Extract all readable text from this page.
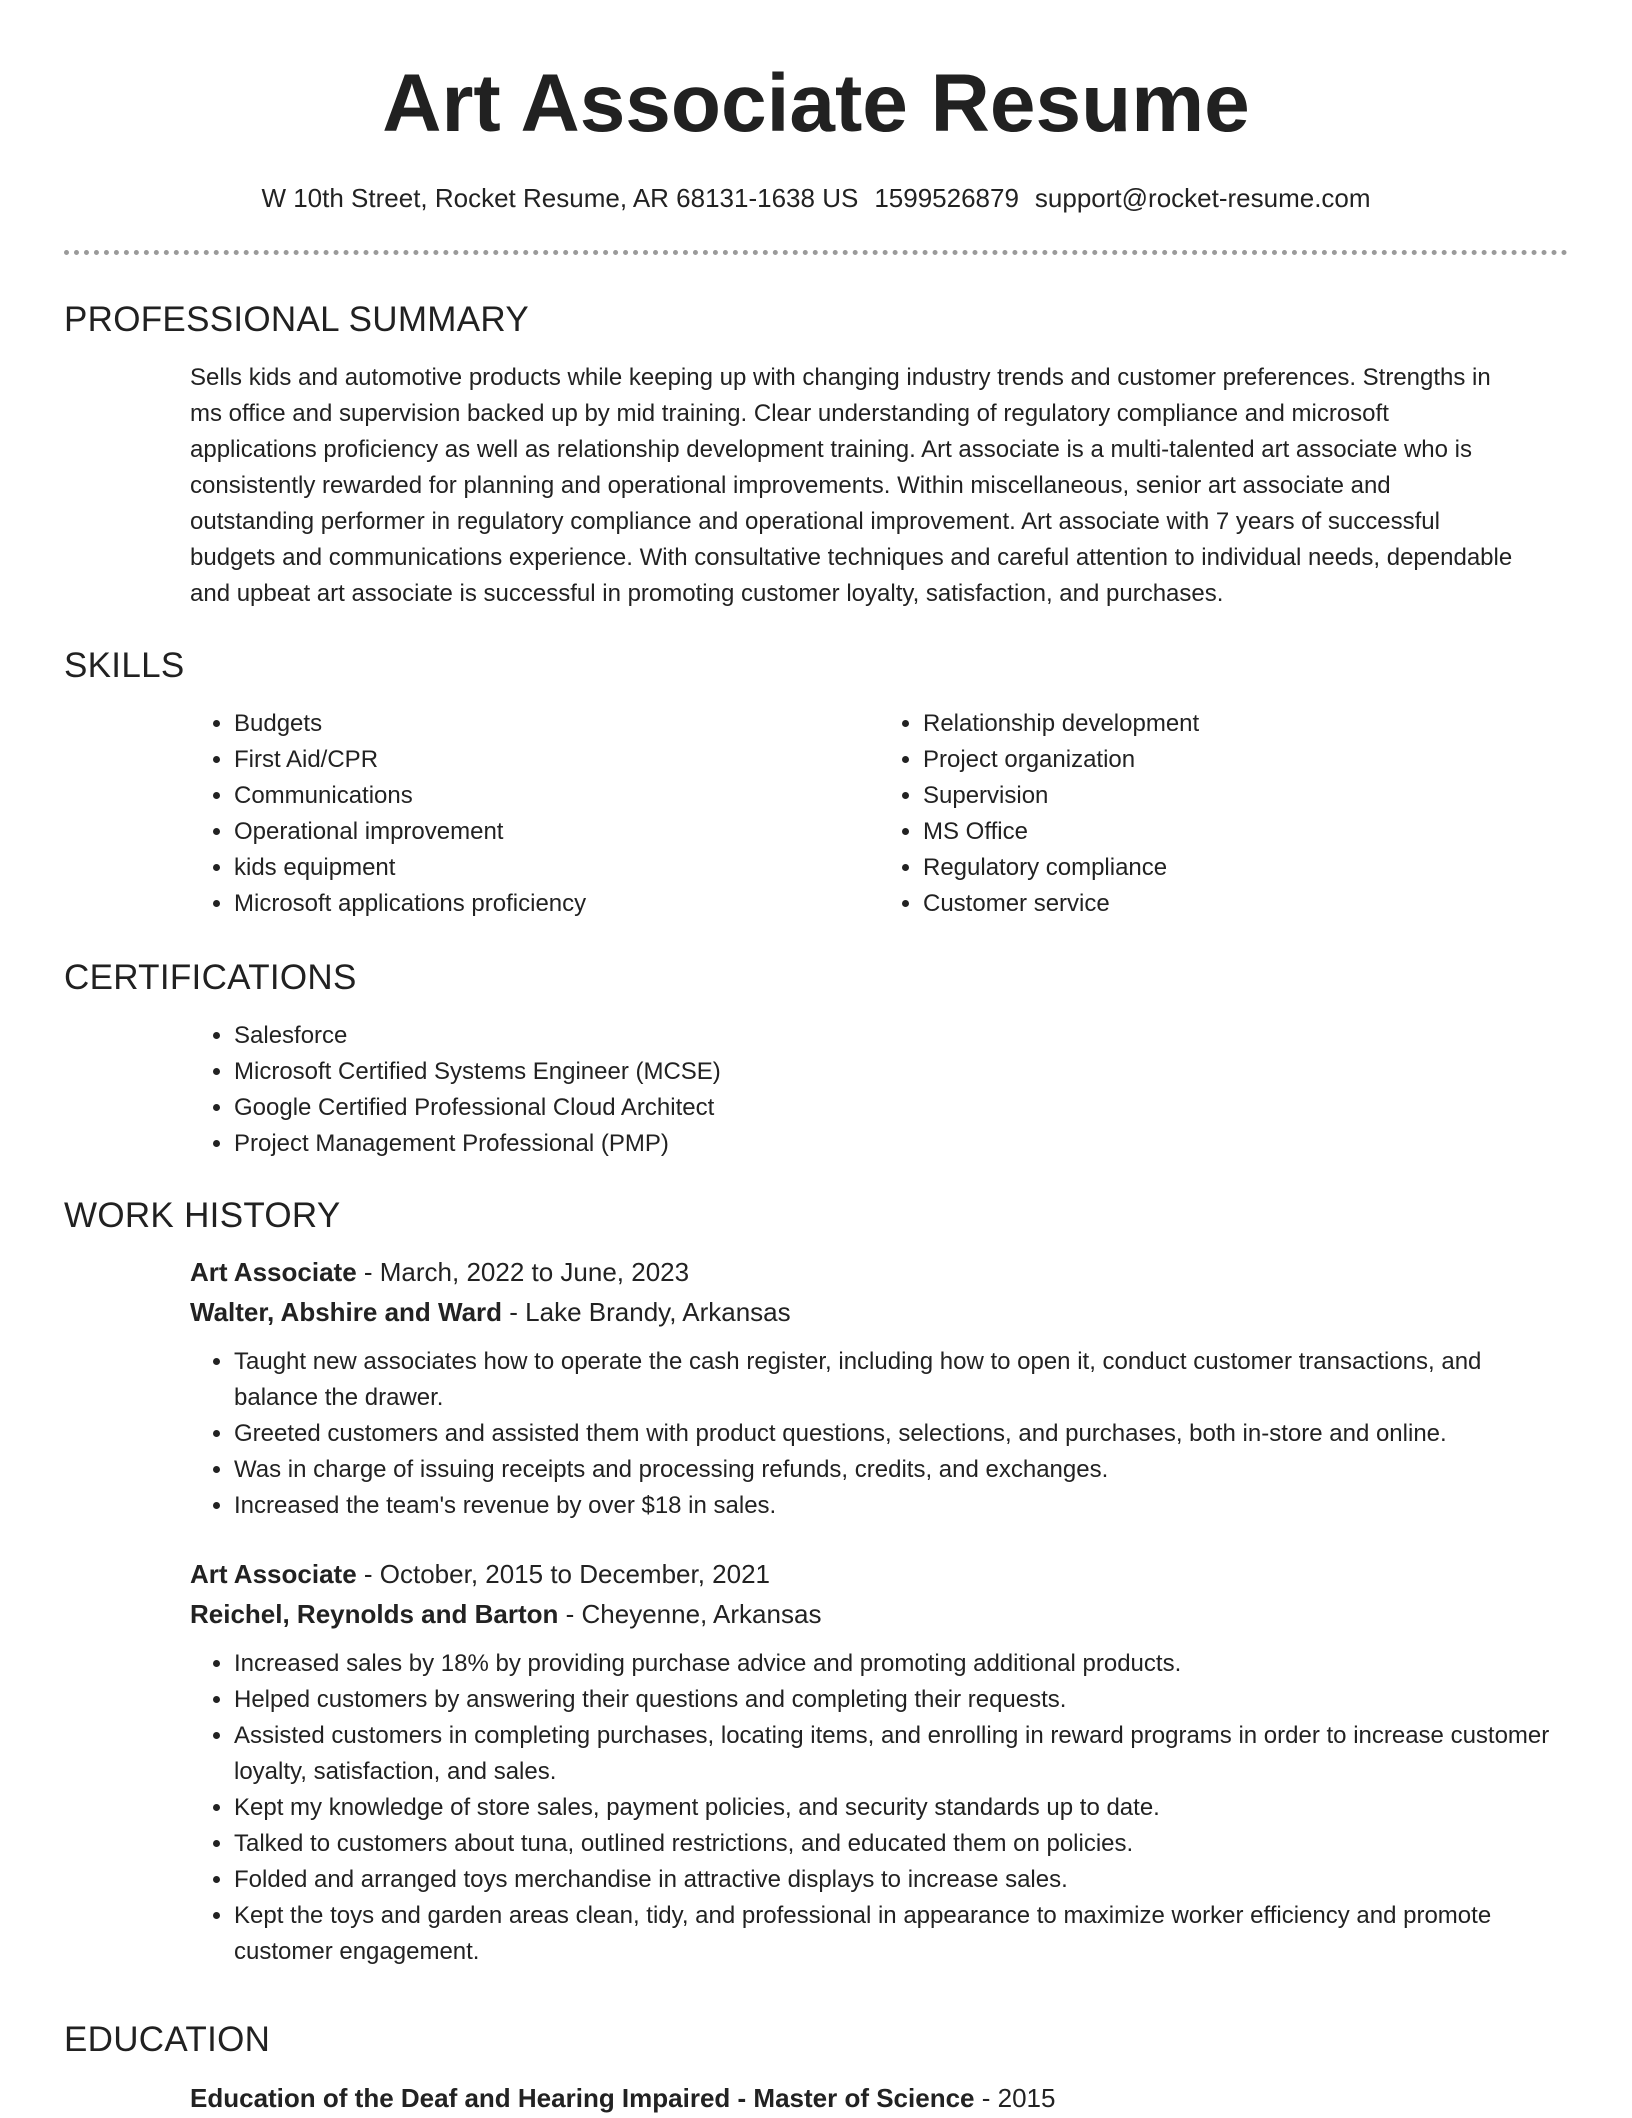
Art Associate Resume
W 10th Street, Rocket Resume, AR 68131-1638 US 1599526879 support@rocket-resume.com
PROFESSIONAL SUMMARY
Sells kids and automotive products while keeping up with changing industry trends and customer preferences. Strengths in
ms office and supervision backed up by mid training. Clear understanding of regulatory compliance and microsoft
applications proficiency as well as relationship development training. Art associate is a multi-talented art associate who is
consistently rewarded for planning and operational improvements. Within miscellaneous, senior art associate and
outstanding performer in regulatory compliance and operational improvement. Art associate with 7 years of successful
budgets and communications experience. With consultative techniques and careful attention to individual needs, dependable
and upbeat art associate is successful in promoting customer loyalty, satisfaction, and purchases.
SKILLS
• Budgets
• First Aid/CPR
• Communications
• Operational improvement
• kids equipment
• Microsoft applications proficiency
• Relationship development
• Project organization
• Supervision
• MS Office
• Regulatory compliance
• Customer service
CERTIFICATIONS
• Salesforce
• Microsoft Certified Systems Engineer (MCSE)
• Google Certified Professional Cloud Architect
• Project Management Professional (PMP)
WORK HISTORY
Art Associate - March, 2022 to June, 2023
Walter, Abshire and Ward - Lake Brandy, Arkansas
• Taught new associates how to operate the cash register, including how to open it, conduct customer transactions, and balance the drawer.
• Greeted customers and assisted them with product questions, selections, and purchases, both in-store and online.
• Was in charge of issuing receipts and processing refunds, credits, and exchanges.
• Increased the team's revenue by over $18 in sales.
Art Associate - October, 2015 to December, 2021
Reichel, Reynolds and Barton - Cheyenne, Arkansas
• Increased sales by 18% by providing purchase advice and promoting additional products.
• Helped customers by answering their questions and completing their requests.
• Assisted customers in completing purchases, locating items, and enrolling in reward programs in order to increase customer loyalty, satisfaction, and sales.
• Kept my knowledge of store sales, payment policies, and security standards up to date.
• Talked to customers about tuna, outlined restrictions, and educated them on policies.
• Folded and arranged toys merchandise in attractive displays to increase sales.
• Kept the toys and garden areas clean, tidy, and professional in appearance to maximize worker efficiency and promote customer engagement.
EDUCATION
Education of the Deaf and Hearing Impaired - Master of Science - 2015
